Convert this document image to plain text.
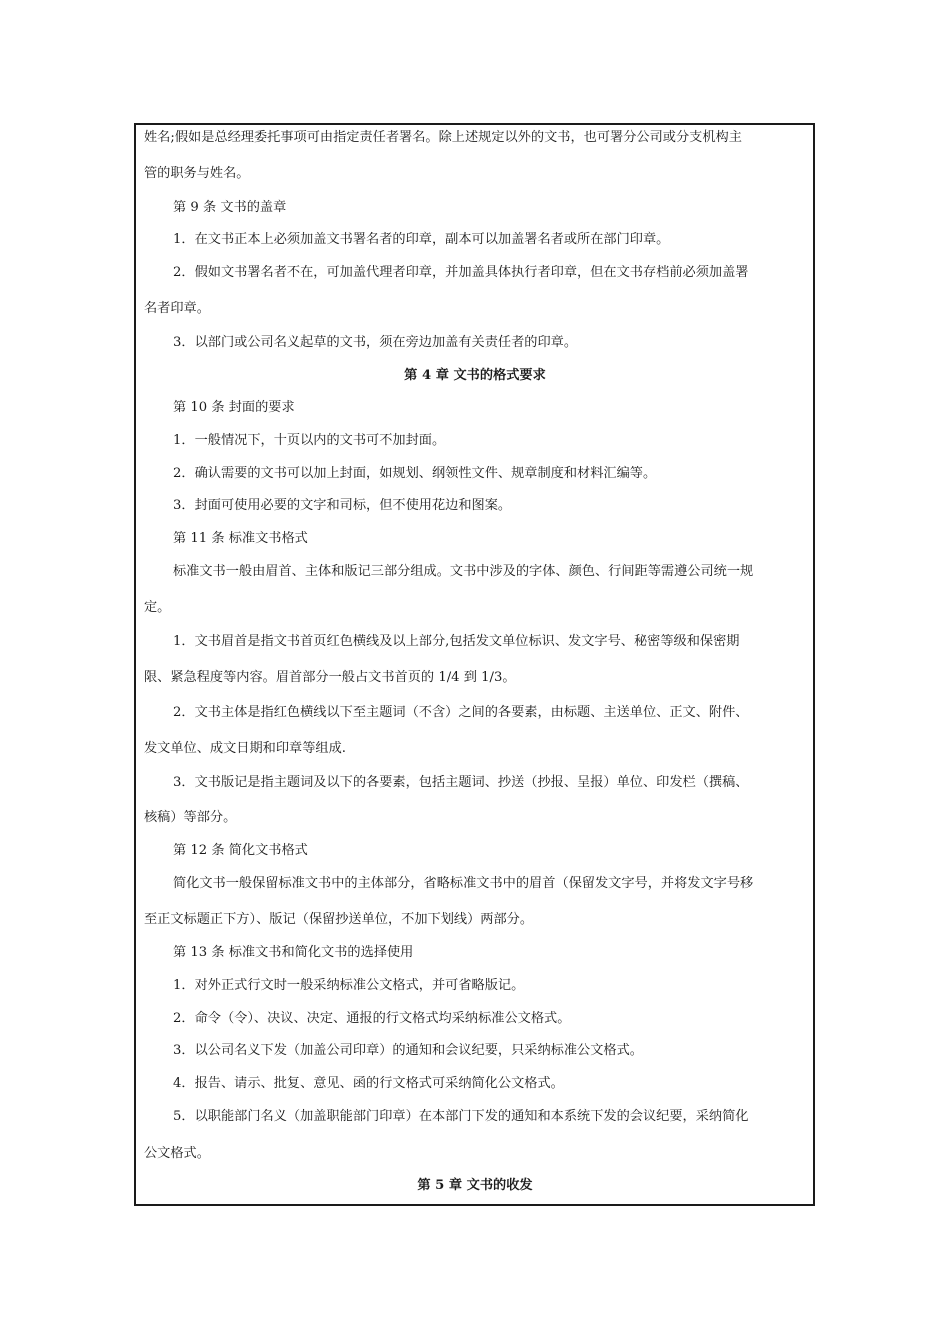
姓名;假如是总经理委托事项可由指定责任者署名。除上述规定以外的文书，也可署分公司或分支机构主
管的职务与姓名。
第 9 条 文书的盖章
1．在文书正本上必须加盖文书署名者的印章，副本可以加盖署名者或所在部门印章。
2．假如文书署名者不在，可加盖代理者印章，并加盖具体执行者印章，但在文书存档前必须加盖署
名者印章。
3．以部门或公司名义起草的文书，须在旁边加盖有关责任者的印章。
第 4 章 文书的格式要求
第 10 条 封面的要求
1．一般情况下，十页以内的文书可不加封面。
2．确认需要的文书可以加上封面，如规划、纲领性文件、规章制度和材料汇编等。
3．封面可使用必要的文字和司标，但不使用花边和图案。
第 11 条 标准文书格式
标准文书一般由眉首、主体和版记三部分组成。文书中涉及的字体、颜色、行间距等需遵公司统一规
定。
1．文书眉首是指文书首页红色横线及以上部分,包括发文单位标识、发文字号、秘密等级和保密期
限、紧急程度等内容。眉首部分一般占文书首页的 1/4 到 1/3。
2．文书主体是指红色横线以下至主题词（不含）之间的各要素，由标题、主送单位、正文、附件、
发文单位、成文日期和印章等组成.
3．文书版记是指主题词及以下的各要素，包括主题词、抄送（抄报、呈报）单位、印发栏（撰稿、
核稿）等部分。
第 12 条 简化文书格式
简化文书一般保留标准文书中的主体部分，省略标准文书中的眉首（保留发文字号，并将发文字号移
至正文标题正下方）、版记（保留抄送单位，不加下划线）两部分。
第 13 条 标准文书和简化文书的选择使用
1．对外正式行文时一般采纳标准公文格式，并可省略版记。
2．命令（令）、决议、决定、通报的行文格式均采纳标准公文格式。
3．以公司名义下发（加盖公司印章）的通知和会议纪要，只采纳标准公文格式。
4．报告、请示、批复、意见、函的行文格式可采纳简化公文格式。
5．以职能部门名义（加盖职能部门印章）在本部门下发的通知和本系统下发的会议纪要，采纳简化
公文格式。
第 5 章 文书的收发
